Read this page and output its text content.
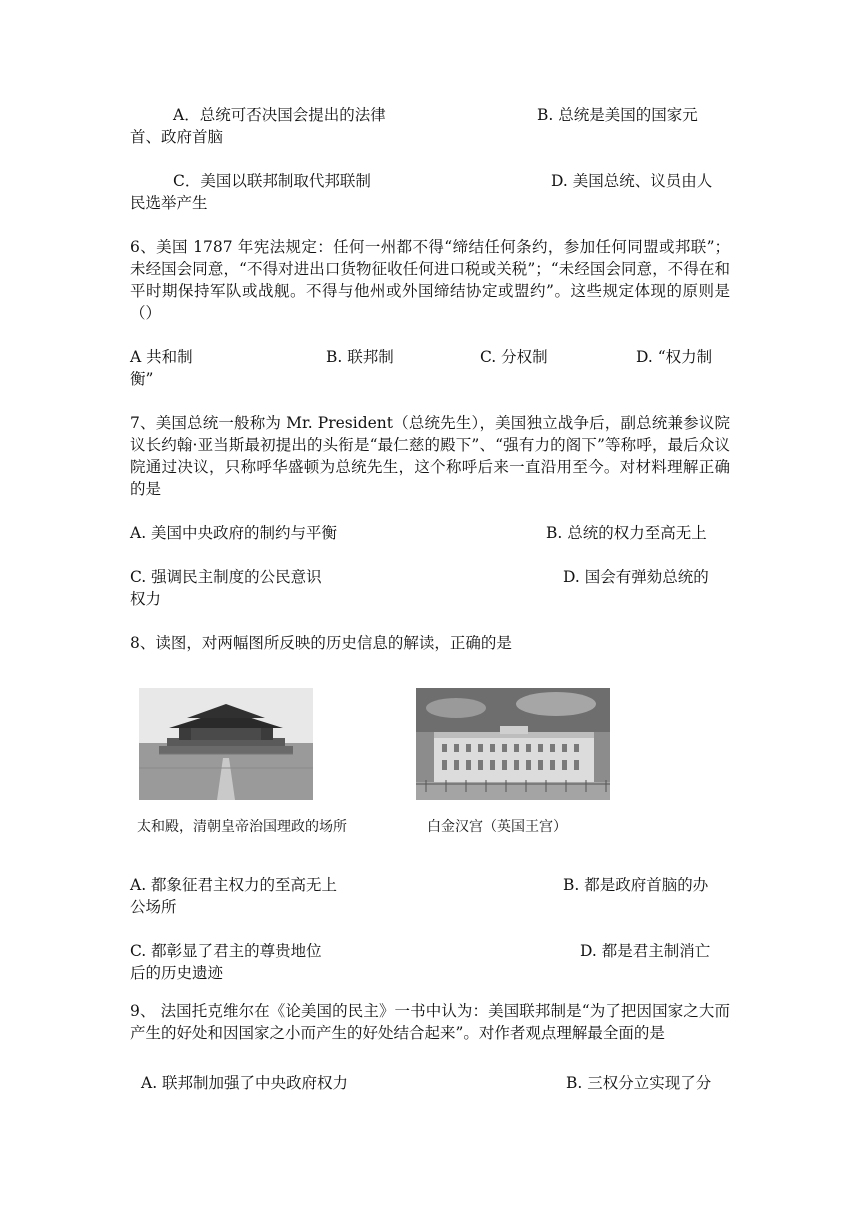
A．总统可否决国会提出的法律	B. 总统是美国的国家元
首、政府首脑
C．美国以联邦制取代邦联制	D. 美国总统、议员由人
民选举产生
6、美国 1787 年宪法规定：任何一州都不得“缔结任何条约，参加任何同盟或邦联”；未经国会同意，“不得对进出口货物征收任何进口税或关税”；“未经国会同意，不得在和平时期保持军队或战舰。不得与他州或外国缔结协定或盟约”。这些规定体现的原则是（）
A 共和制	B. 联邦制	C. 分权制	D. “权力制
衡”
7、美国总统一般称为 Mr. President（总统先生），美国独立战争后，副总统兼参议院议长约翰·亚当斯最初提出的头衔是“最仁慈的殿下”、“强有力的阁下”等称呼，最后众议院通过决议，只称呼华盛顿为总统先生，这个称呼后来一直沿用至今。对材料理解正确的是
A. 美国中央政府的制约与平衡	B. 总统的权力至高无上
C. 强调民主制度的公民意识	D. 国会有弹劾总统的
权力
8、读图，对两幅图所反映的历史信息的解读，正确的是
太和殿，清朝皇帝治国理政的场所	白金汉宫（英国王宫）
A. 都象征君主权力的至高无上	B. 都是政府首脑的办
公场所
C. 都彰显了君主的尊贵地位	D. 都是君主制消亡
后的历史遗迹
9、 法国托克维尔在《论美国的民主》一书中认为：美国联邦制是“为了把因国家之大而产生的好处和因国家之小而产生的好处结合起来”。对作者观点理解最全面的是
A. 联邦制加强了中央政府权力	B. 三权分立实现了分
